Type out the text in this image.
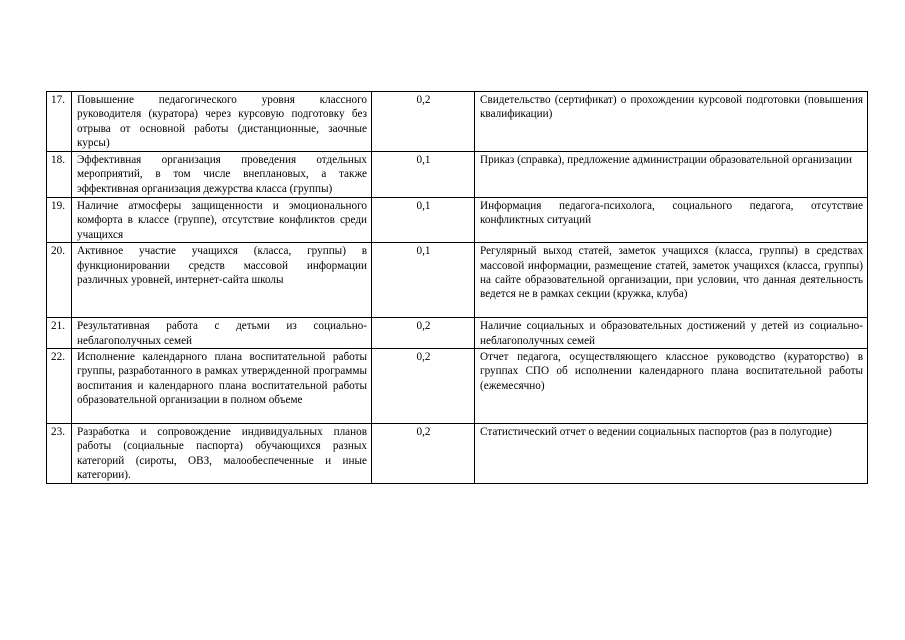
17.	Повышение педагогического уровня классного руководителя (куратора) через курсовую подготовку без отрыва от основной работы (дистанционные, заочные курсы)	0,2	Свидетельство (сертификат) о прохождении курсовой подготовки (повышения квалификации)
18.	Эффективная организация проведения отдельных мероприятий, в том числе внеплановых, а также эффективная организация дежурства класса (группы)	0,1	Приказ (справка), предложение администрации образовательной организации
19.	Наличие атмосферы защищенности и эмоционального комфорта в классе (группе), отсутствие конфликтов среди учащихся	0,1	Информация педагога-психолога, социального педагога, отсутствие конфликтных ситуаций
20.	Активное участие учащихся (класса, группы) в функционировании средств массовой информации различных уровней, интернет-сайта школы	0,1	Регулярный выход статей, заметок учащихся (класса, группы) в средствах массовой информации, размещение статей, заметок учащихся (класса, группы) на сайте образовательной организации, при условии, что данная деятельность ведется не в рамках секции (кружка, клуба)
21.	Результативная работа с детьми из социально-неблагополучных семей	0,2	Наличие социальных и образовательных достижений у детей из социально-неблагополучных семей
22.	Исполнение календарного плана воспитательной работы группы, разработанного в рамках утвержденной программы воспитания и календарного плана воспитательной работы образовательной организации в полном объеме	0,2	Отчет педагога, осуществляющего классное руководство (кураторство) в группах СПО об исполнении календарного плана воспитательной работы (ежемесячно)
23.	Разработка и сопровождение индивидуальных планов работы (социальные паспорта) обучающихся разных категорий (сироты, ОВЗ, малообеспеченные и иные категории).	0,2	Статистический отчет о ведении социальных паспортов (раз в полугодие)
